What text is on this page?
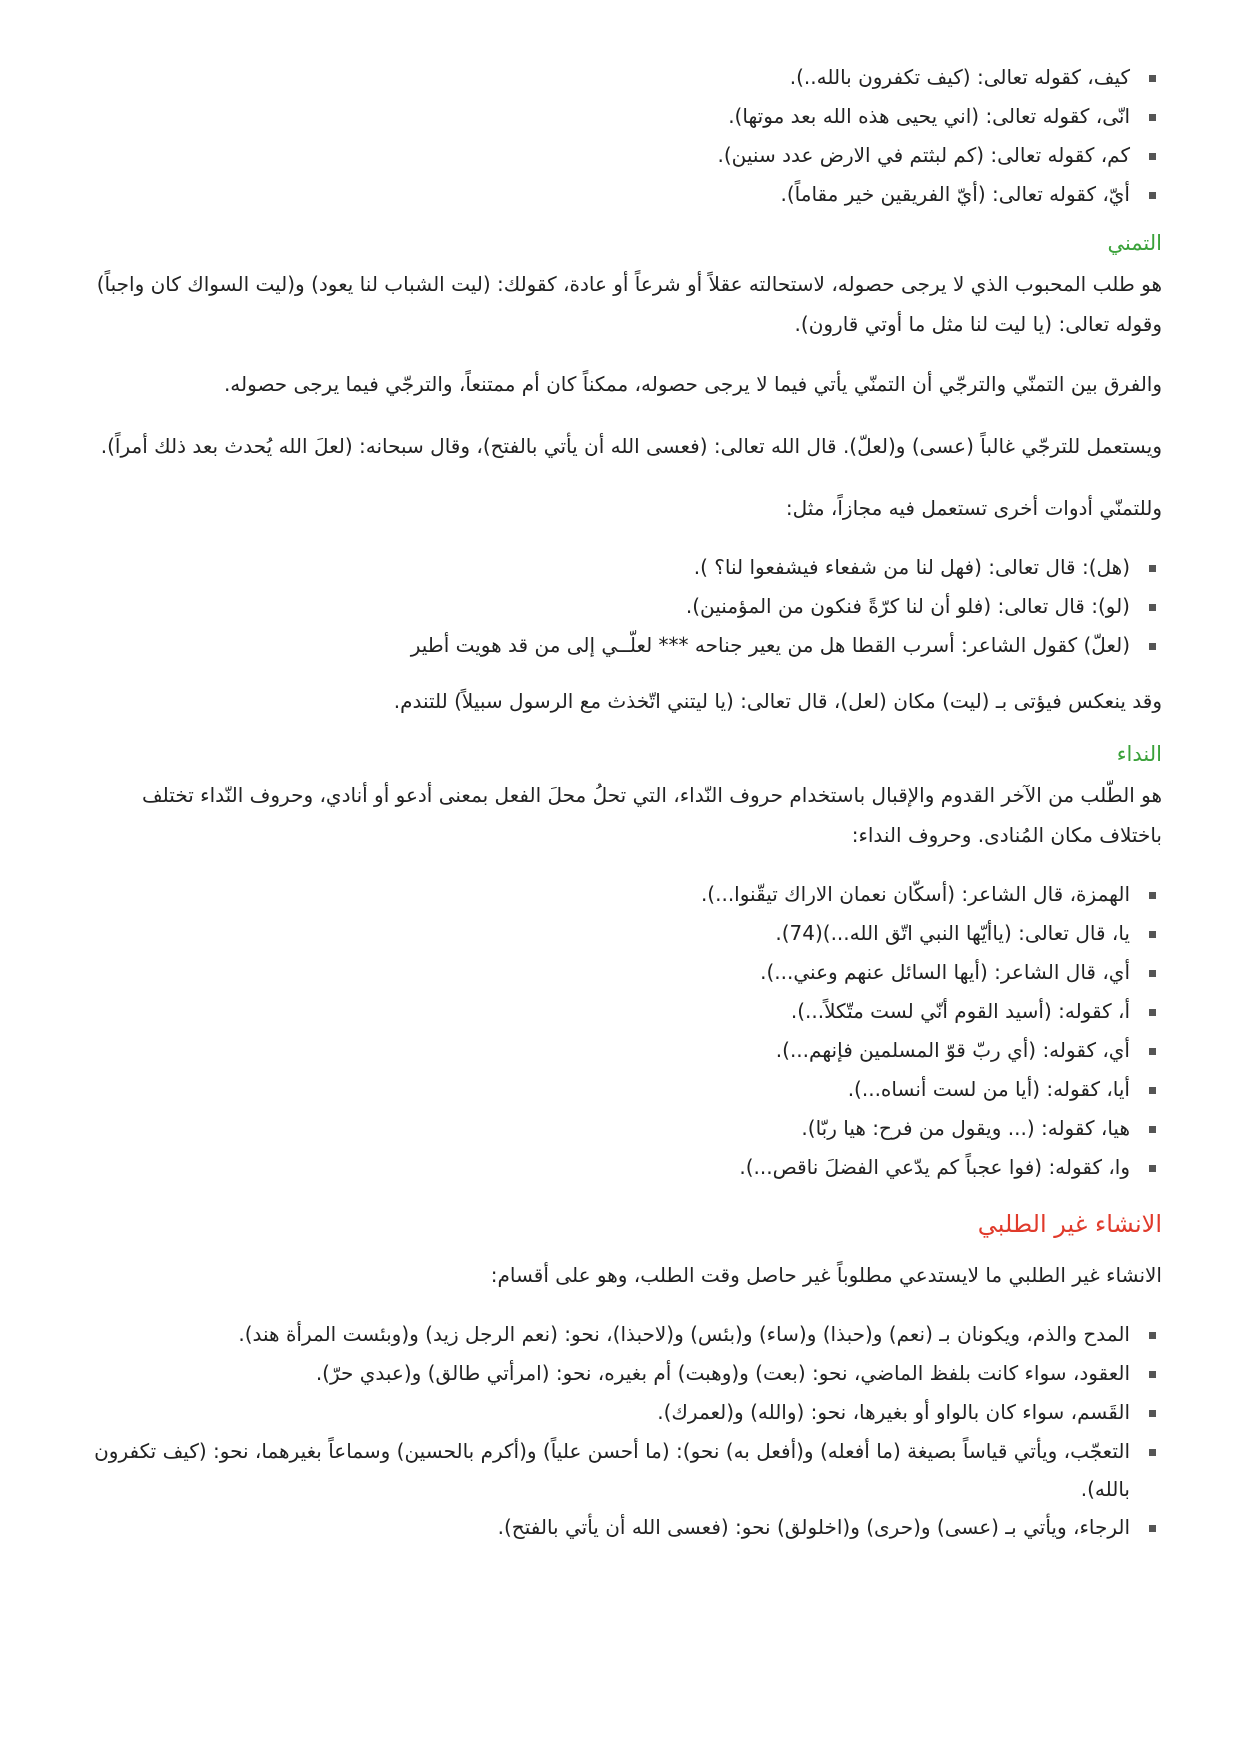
كيف، كقوله تعالى: (كيف تكفرون بالله..).
انّى، كقوله تعالى: (اني يحيى هذه الله بعد موتها).
كم، كقوله تعالى: (كم لبثتم في الارض عدد سنين).
أيّ، كقوله تعالى: (أيّ الفريقين خير مقاماً).
التمني

هو طلب المحبوب الذي لا يرجى حصوله، لاستحالته عقلاً أو شرعاً أو عادة، كقولك: (ليت الشباب لنا يعود) و(ليت السواك كان واجباً) وقوله تعالى: (يا ليت لنا مثل ما أوتي قارون).

والفرق بين التمنّي والترجّي أن التمنّي يأتي فيما لا يرجى حصوله، ممكناً كان أم ممتنعاً، والترجّي فيما يرجى حصوله.

ويستعمل للترجّي غالباً (عسى) و(لعلّ). قال الله تعالى: (فعسى الله أن يأتي بالفتح)، وقال سبحانه: (لعلَ الله يُحدث بعد ذلك أمراً).

وللتمنّي أدوات أخرى تستعمل فيه مجازاً، مثل:

(هل): قال تعالى: (فهل لنا من شفعاء فيشفعوا لنا؟ ).
(لو): قال تعالى: (فلو أن لنا كرّةً فنكون من المؤمنين).
(لعلّ) كقول الشاعر: أسرب القطا هل من يعير جناحه *** لعلّــي إلى من قد هويت أطير

وقد ينعكس فيؤتى بـ (ليت) مكان (لعل)، قال تعالى: (يا ليتني اتّخذث مع الرسول سبيلاً) للتندم.

النداء

هو الطّلب من الآخر القدوم والإقبال باستخدام حروف النّداء، التي تحلُ محلَ الفعل بمعنى أدعو أو أنادي، وحروف النّداء تختلف باختلاف مكان المُنادى. وحروف النداء:

الهمزة، قال الشاعر: (أسكّان نعمان الاراك تيقّنوا...).
يا، قال تعالى: (ياأيّها النبي اتّق الله...)(74).
أي، قال الشاعر: (أيها السائل عنهم وعني...).
أ، كقوله: (أسيد القوم أنّي لست متّكلاً...).
أي، كقوله: (أي ربّ قوّ المسلمين فإنهم...).
أيا، كقوله: (أيا من لست أنساه...).
هيا، كقوله: (... ويقول من فرح: هيا ربّا).
وا، كقوله: (فوا عجباً كم يدّعي الفضلَ ناقص...).
الانشاء غير الطلبي

الانشاء غير الطلبي ما لايستدعي مطلوباً غير حاصل وقت الطلب، وهو على أقسام:

المدح والذم، ويكونان بـ (نعم) و(حبذا) و(ساء) و(بئس) و(لاحبذا)، نحو: (نعم الرجل زيد) و(وبئست المرأة هند).
العقود، سواء كانت بلفظ الماضي، نحو: (بعت) و(وهبت) أم بغيره، نحو: (امرأتي طالق) و(عبدي حرّ).
القَسم، سواء كان بالواو أو بغيرها، نحو: (والله) و(لعمرك).
التعجّب، ويأتي قياساً بصيغة (ما أفعله) و(أفعل به) نحو): (ما أحسن علياً) و(أكرم بالحسين) وسماعاً بغيرهما، نحو: (كيف تكفرون بالله).
الرجاء، ويأتي بـ (عسى) و(حرى) و(اخلولق) نحو: (فعسى الله أن يأتي بالفتح).
